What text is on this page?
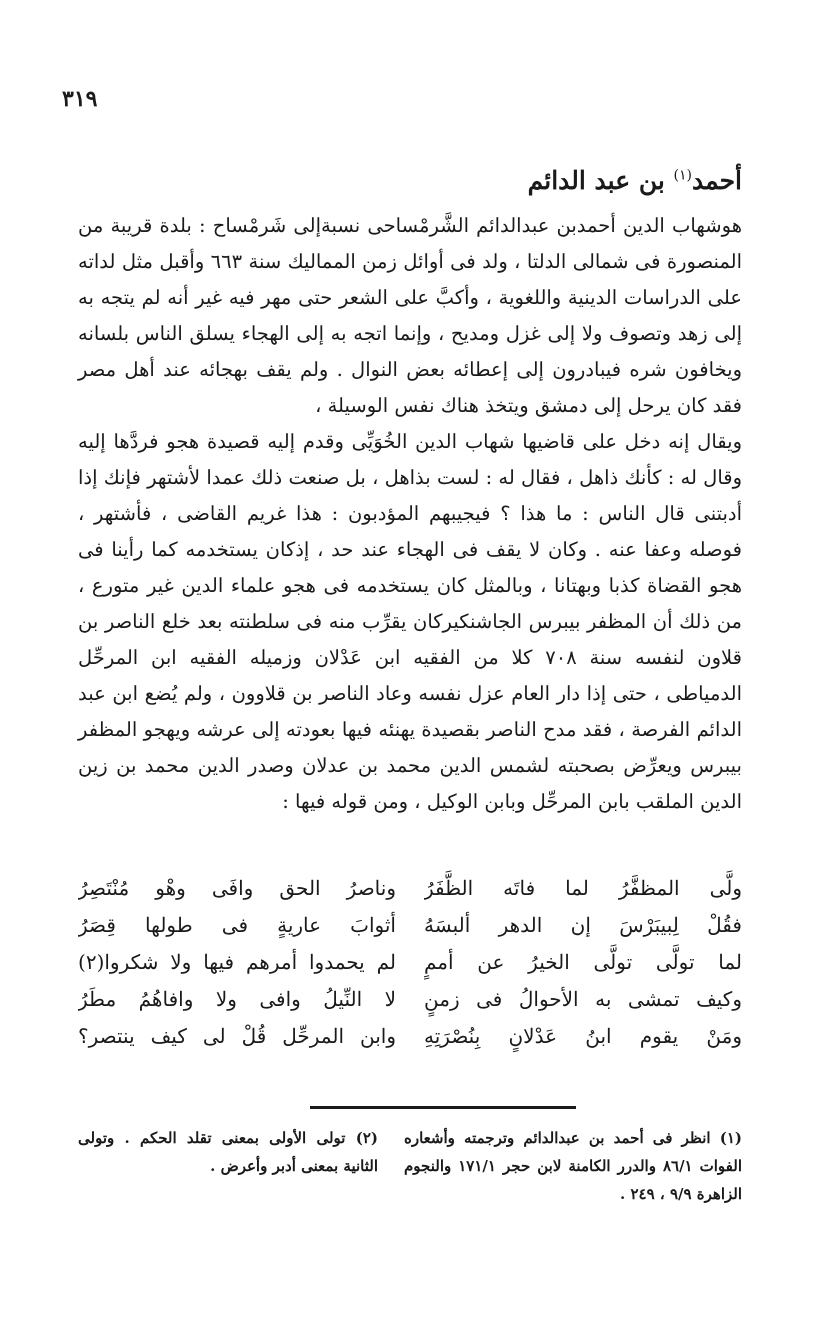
٣١٩
أحمد$^{(١)}$ بن عبد الدائم

هوشهاب الدين أحمدبن عبدالدائم الشَّرمْساحى نسبةإلى شَرمْساح : بلدة قريبة من المنصورة فى شمالى الدلتا ، ولد فى أوائل زمن المماليك سنة ٦٦٣ وأقبل مثل لداته على الدراسات الدينية واللغوية ، وأكبَّ على الشعر حتى مهر فيه غير أنه لم يتجه به إلى زهد وتصوف ولا إلى غزل ومديح ، وإنما اتجه به إلى الهجاء يسلق الناس بلسانه ويخافون شره فيبادرون إلى إعطائه بعض النوال . ولم يقف بهجائه عند أهل مصر فقد كان يرحل إلى دمشق ويتخذ هناك نفس الوسيلة ،

ويقال إنه دخل على قاضيها شهاب الدين الخُوَيِّى وقدم إليه قصيدة هجو فردَّها إليه وقال له : كأنك ذاهل ، فقال له : لست بذاهل ، بل صنعت ذلك عمدا لأشتهر فإنك إذا أدبتنى قال الناس : ما هذا ؟ فيجيبهم المؤدبون : هذا غريم القاضى ، فأشتهر ، فوصله وعفا عنه . وكان لا يقف فى الهجاء عند حد ، إذكان يستخدمه كما رأينا فى هجو القضاة كذبا وبهتانا ، وبالمثل كان يستخدمه فى هجو علماء الدين غير متورع ، من ذلك أن المظفر بيبرس الجاشنكيركان يقرِّب منه فى سلطنته بعد خلع الناصر بن قلاون لنفسه سنة ٧٠٨ كلا من الفقيه ابن عَدْلان وزميله الفقيه ابن المرحِّل الدمياطى ، حتى إذا دار العام عزل نفسه وعاد الناصر بن قلاوون ، ولم يُضع ابن عبد الدائم الفرصة ، فقد مدح الناصر بقصيدة يهنئه فيها بعودته إلى عرشه ويهجو المظفر بيبرس ويعرِّض بصحبته لشمس الدين محمد بن عدلان وصدر الدين محمد بن زين الدين الملقب بابن المرحِّل وبابن الوكيل ، ومن قوله فيها :

ولَّى المظفَّرُ لما فاتَه الظَّفَرُ
وناصرُ الحق وافَى وهْو مُنْتَصِرُ
فقُلْ لِبيبَرْسَ إن الدهر ألبسَهُ
أثوابَ عاريةٍ فى طولها قِصَرُ
لما تولَّى تولَّى الخيرُ عن أممٍ
لم يحمدوا أمرهم فيها ولا شكروا(٢)
وكيف تمشى به الأحوالُ فى زمنٍ
لا النِّيلُ وافى ولا وافاهُمُ مطَرُ
ومَنْ يقوم ابنُ عَدْلانٍ بِنُصْرَتِهِ
وابن المرحِّل قُلْ لى كيف ينتصر؟

(١) انظر فى أحمد بن عبدالدائم وترجمته وأشعاره الفوات ٨٦/١ والدرر الكامنة لابن حجر ١٧١/١ والنجوم الزاهرة ٩/٩ ، ٢٤٩ .

(٢) تولى الأولى بمعنى تقلد الحكم . وتولى الثانية بمعنى أدبر وأعرض .
